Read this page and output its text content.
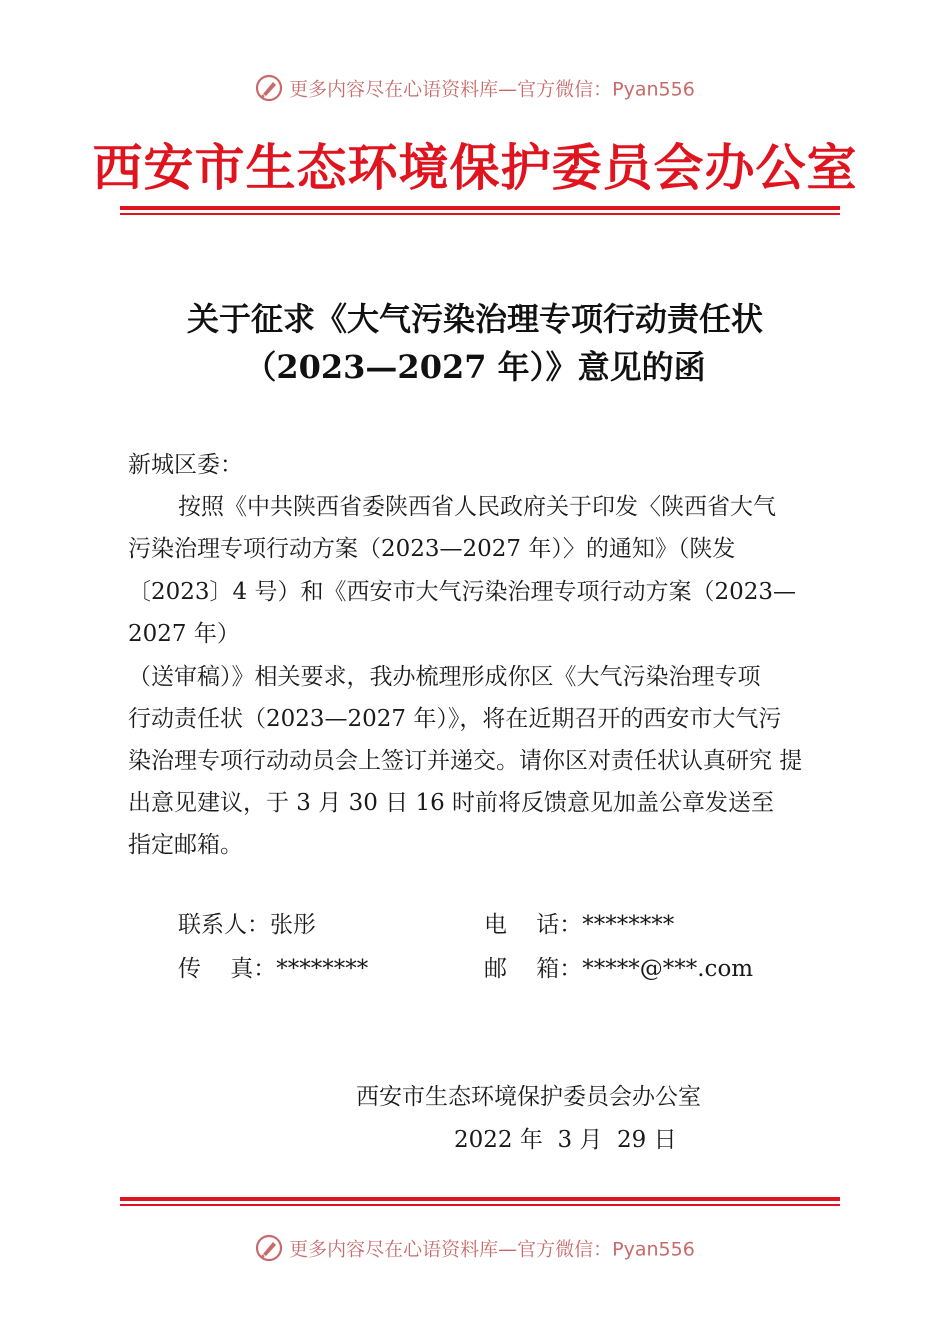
更多内容尽在心语资料库—官方微信：Pyan556
西安市生态环境保护委员会办公室
关于征求《大气污染治理专项行动责任状
（2023—2027 年）》意见的函
新城区委：
按照《中共陕西省委陕西省人民政府关于印发〈陕西省大气
污染治理专项行动方案（2023—2027 年）〉的通知》（陕发
〔2023〕4 号）和《西安市大气污染治理专项行动方案（2023—
2027 年）
（送审稿）》相关要求，我办梳理形成你区《大气污染治理专项
行动责任状（2023—2027 年）》，将在近期召开的西安市大气污
染治理专项行动动员会上签订并递交。请你区对责任状认真研究 提
出意见建议，于 3 月 30 日 16 时前将反馈意见加盖公章发送至
指定邮箱。
联系人：张彤	电    话：********
传    真：********	邮    箱：*****@***.com
西安市生态环境保护委员会办公室
2022 年  3 月  29 日
更多内容尽在心语资料库—官方微信：Pyan556
